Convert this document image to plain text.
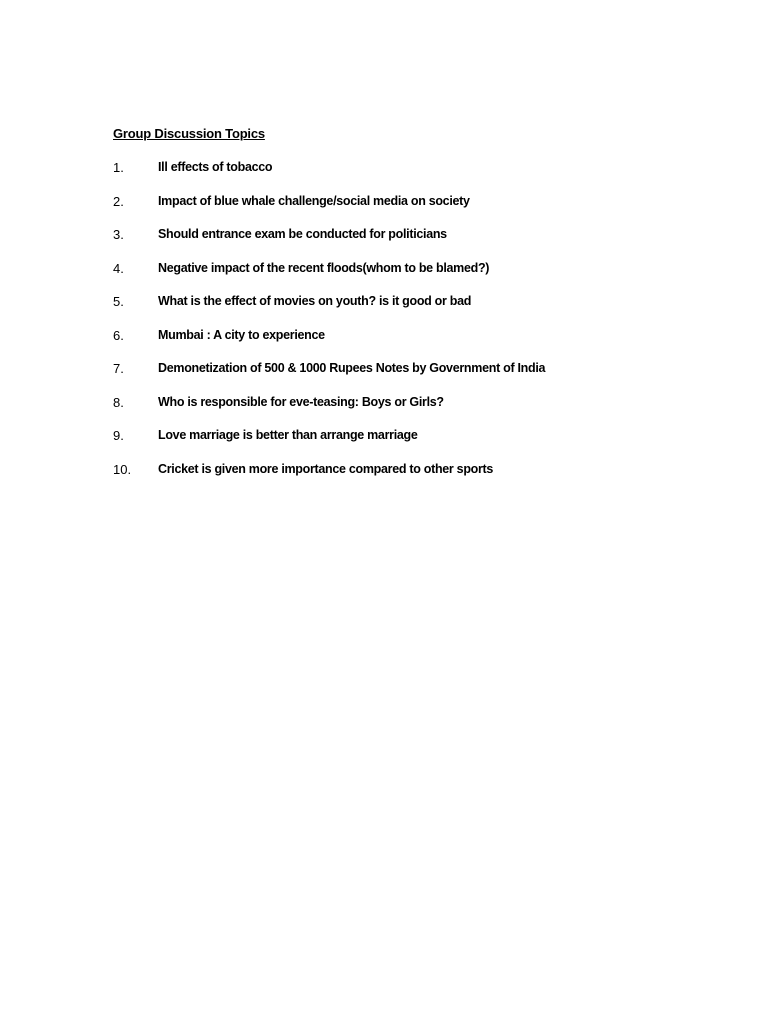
Group Discussion Topics
1.	Ill effects of tobacco
2.	Impact of blue whale challenge/social media on society
3.	Should entrance exam be conducted for politicians
4.	Negative impact of the recent floods(whom to be blamed?)
5.	What is the effect of movies on youth? is it good or bad
6.	Mumbai : A city to experience
7.	Demonetization of 500 & 1000 Rupees Notes by Government of India
8.	Who is responsible for eve-teasing: Boys or Girls?
9.	Love marriage is better than arrange marriage
10. Cricket is given more importance compared to other sports
